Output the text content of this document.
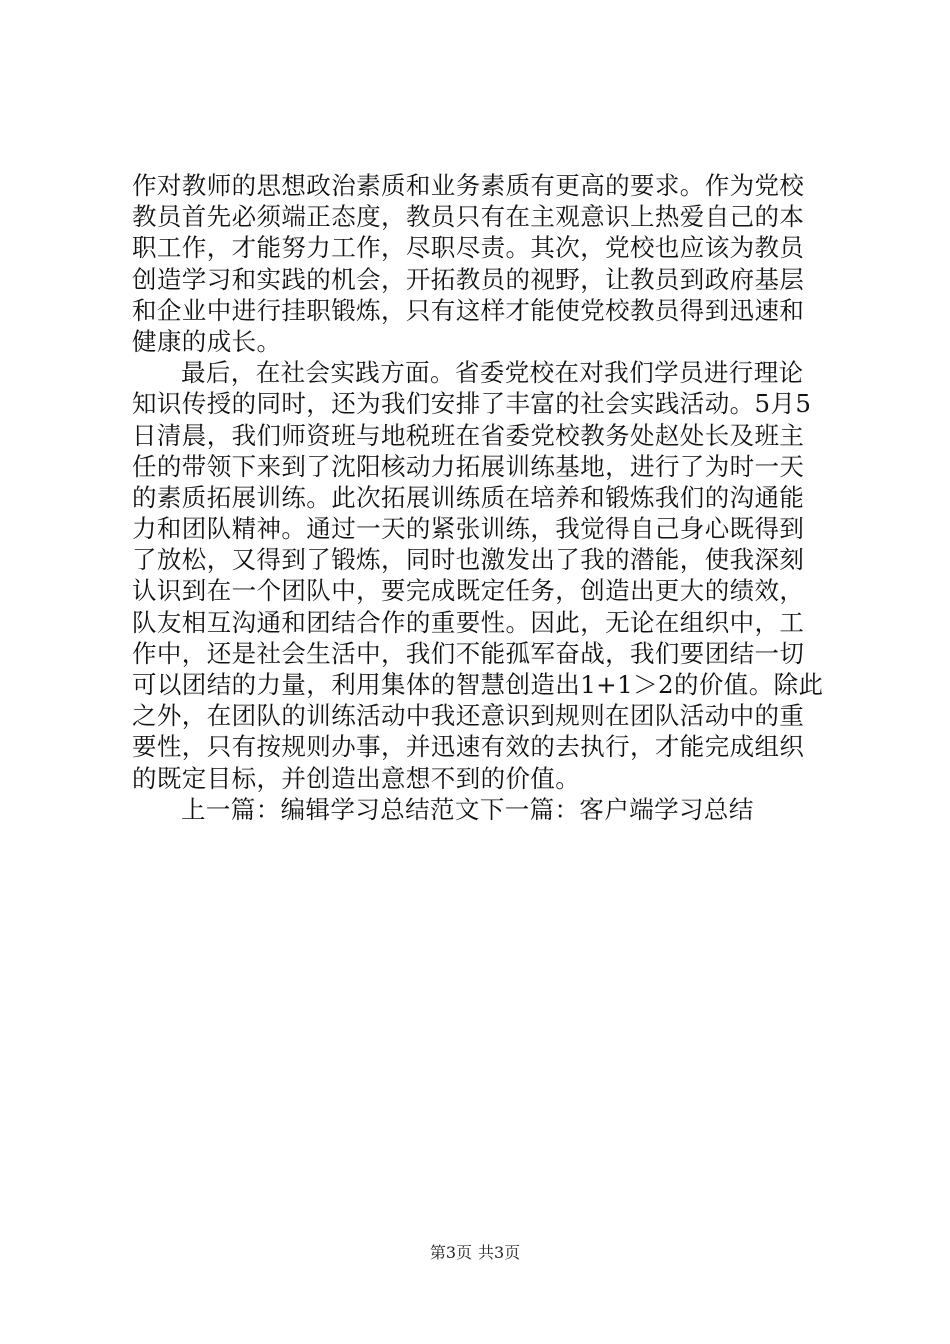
作对教师的思想政治素质和业务素质有更高的要求。作为党校
教员首先必须端正态度，教员只有在主观意识上热爱自己的本
职工作，才能努力工作，尽职尽责。其次，党校也应该为教员
创造学习和实践的机会，开拓教员的视野，让教员到政府基层
和企业中进行挂职锻炼，只有这样才能使党校教员得到迅速和
健康的成长。
最后，在社会实践方面。省委党校在对我们学员进行理论
知识传授的同时，还为我们安排了丰富的社会实践活动。5月5
日清晨，我们师资班与地税班在省委党校教务处赵处长及班主
任的带领下来到了沈阳核动力拓展训练基地，进行了为时一天
的素质拓展训练。此次拓展训练质在培养和锻炼我们的沟通能
力和团队精神。通过一天的紧张训练，我觉得自己身心既得到
了放松，又得到了锻炼，同时也激发出了我的潜能，使我深刻
认识到在一个团队中，要完成既定任务，创造出更大的绩效，
队友相互沟通和团结合作的重要性。因此，无论在组织中，工
作中，还是社会生活中，我们不能孤军奋战，我们要团结一切
可以团结的力量，利用集体的智慧创造出1+1＞2的价值。除此
之外，在团队的训练活动中我还意识到规则在团队活动中的重
要性，只有按规则办事，并迅速有效的去执行，才能完成组织
的既定目标，并创造出意想不到的价值。
上一篇：编辑学习总结范文下一篇：客户端学习总结
第3页 共3页
